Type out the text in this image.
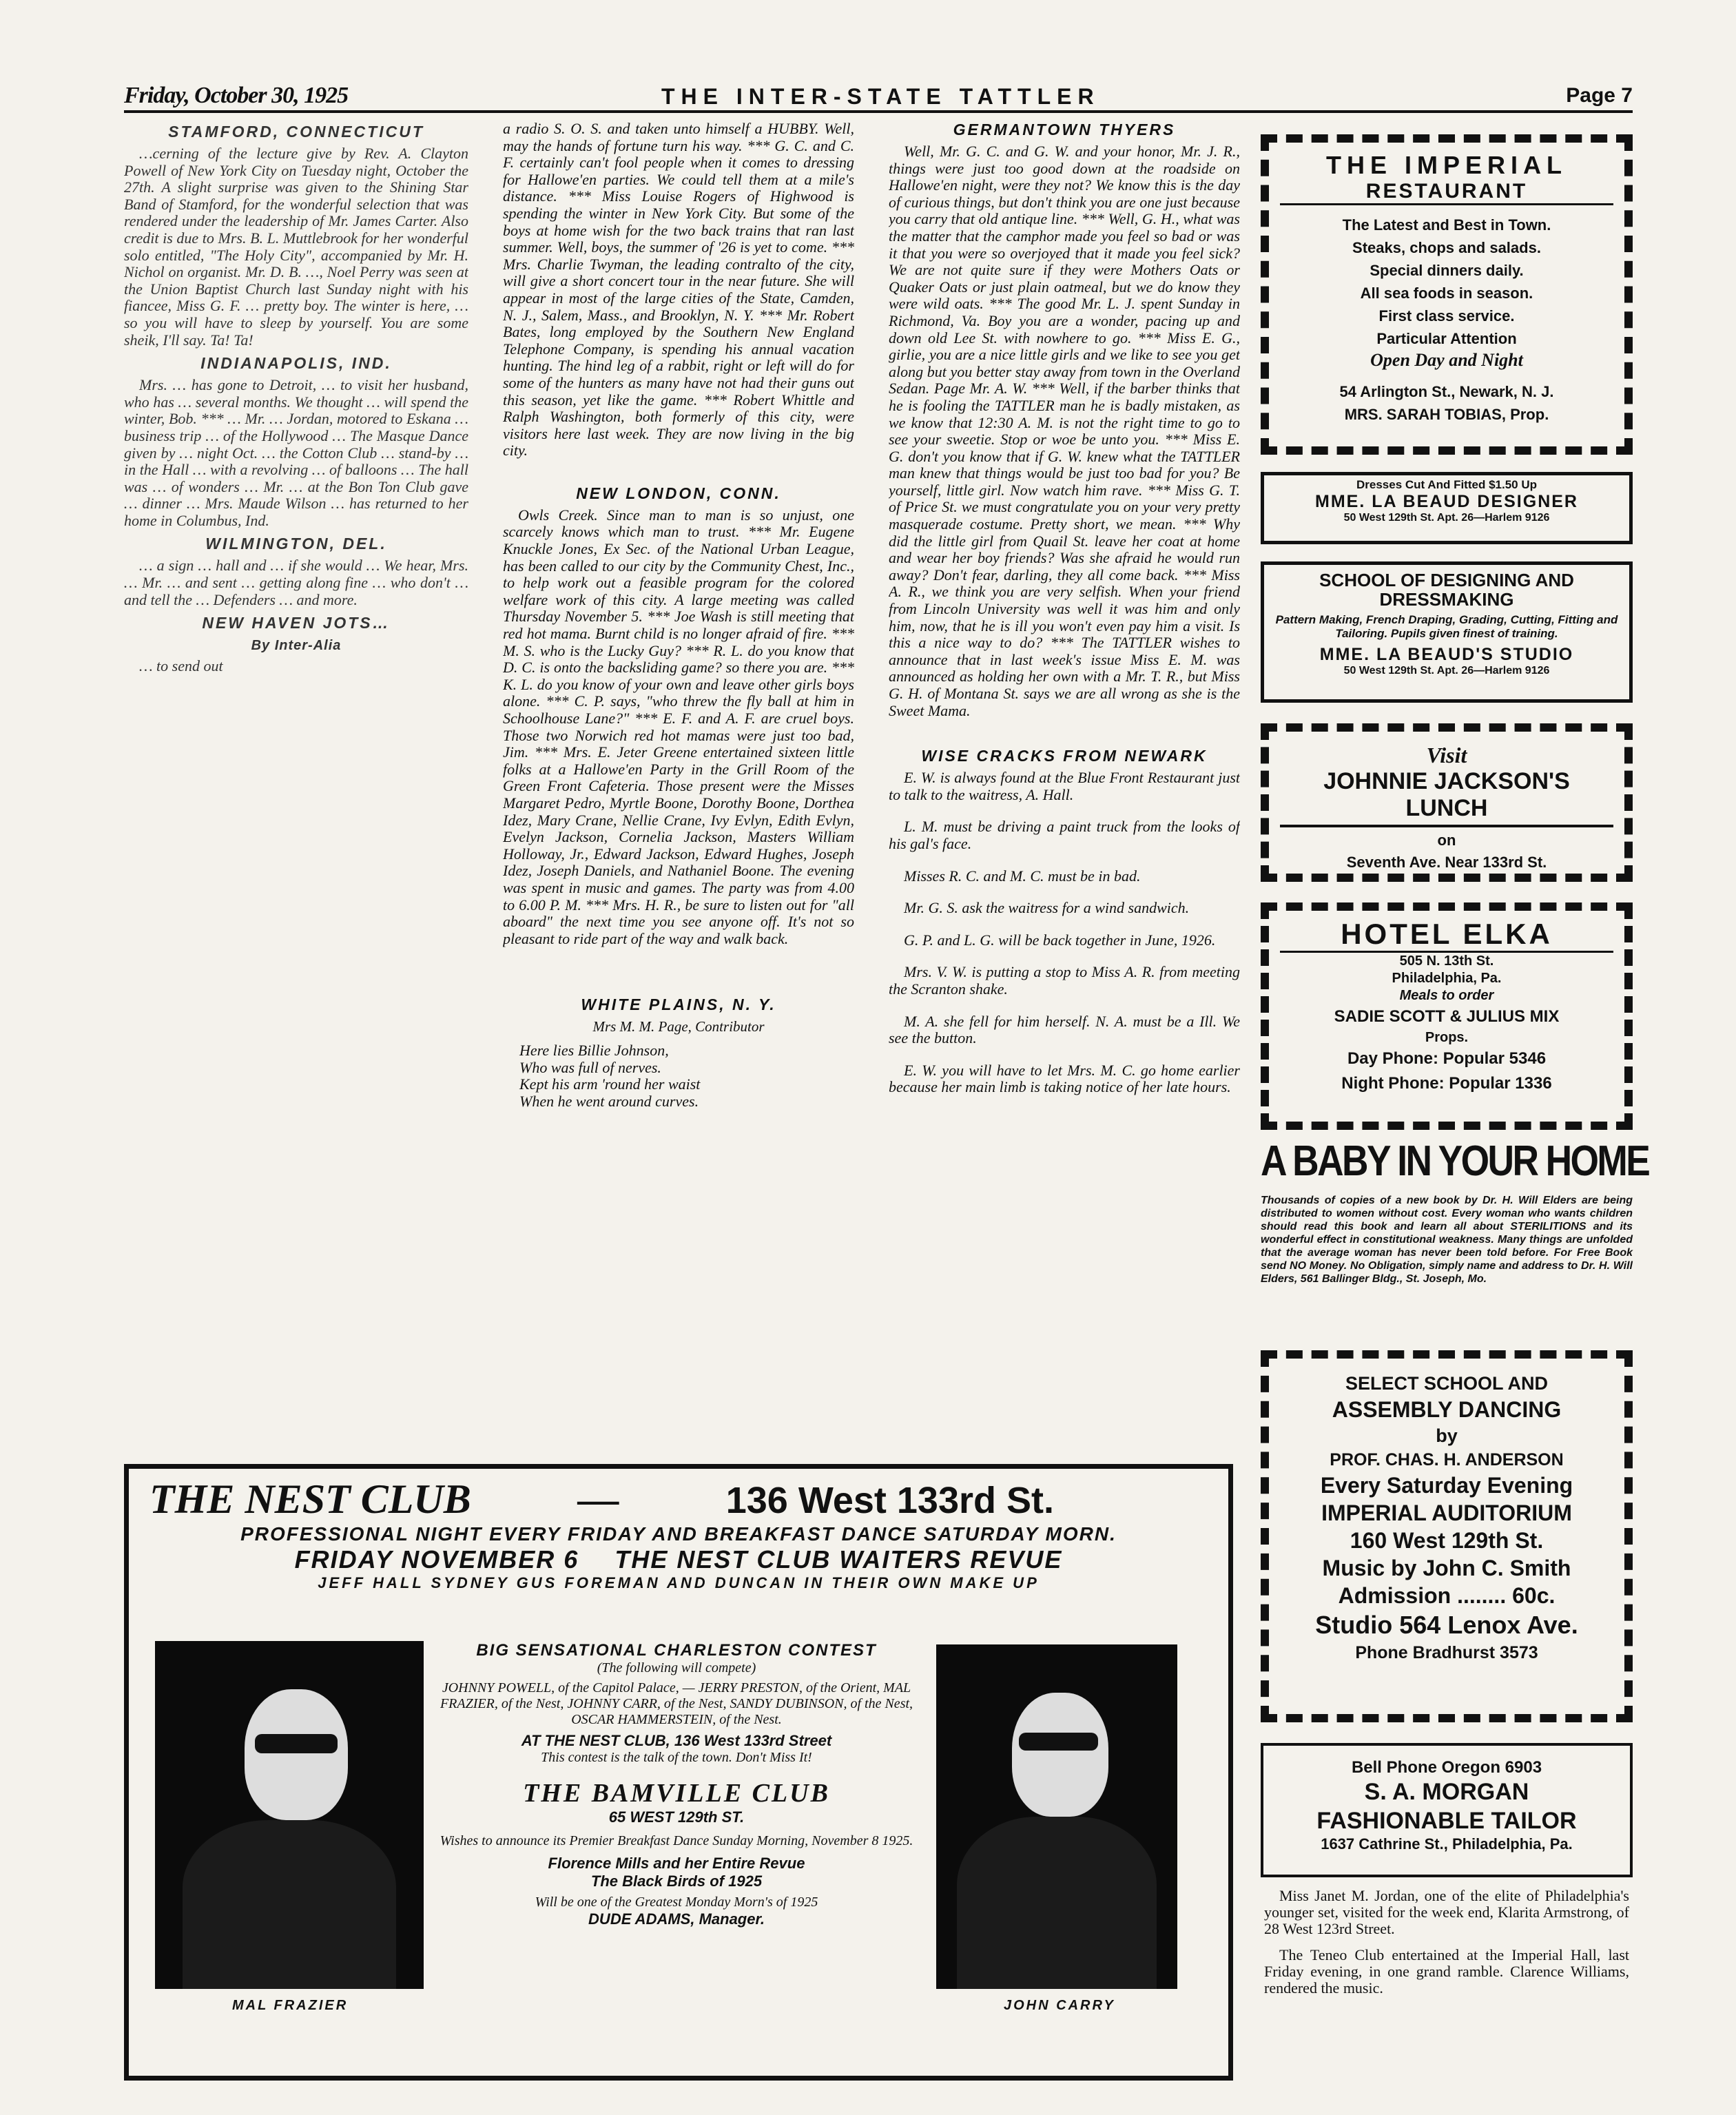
Friday, October 30, 1925	THE INTER-STATE TATTLER	Page 7
STAMFORD, CONNECTICUT

…cerning of the lecture give by Rev. A. Clayton Powell of New York City on Tuesday night, October the 27th. A slight surprise was given to the Shining Star Band of Stamford, for the wonderful selection that was rendered under the leadership of Mr. James Carter. Also credit is due to Mrs. B. L. Muttlebrook for her wonderful solo entitled, "The Holy City", accompanied by Mr. H. Nichol on organist. Mr. D. B. …, Noel Perry was seen at the Union Baptist Church last Sunday night with his fiancee, Miss G. F. … pretty boy. The winter is here, …so you will have to sleep by yourself. You are some sheik, I'll say. Ta! Ta!

INDIANAPOLIS, IND.

Mrs. … has gone to Detroit, … to visit her husband, who has … several months. We thought … will spend the winter, Bob. *** … Mr. … Jordan, motored to Eskana … business trip … of the Hollywood … The Masque Dance given by … night Oct. … the Cotton Club … stand-by … in the Hall … with a revolving … of balloons … The hall was … of wonders … Mr. … at the Bon Ton Club gave … dinner … Mrs. Maude Wilson … has returned to her home in Columbus, Ind.

WILMINGTON, DEL.

… a sign … hall and … if she would … We hear, Mrs. … Mr. … and sent … getting along fine … who don't … and tell the … Defenders … and more.

NEW HAVEN JOTS…
By Inter-Alia

… to send out

a radio S. O. S. and taken unto himself a HUBBY. Well, may the hands of fortune turn his way. *** G. C. and C. F. certainly can't fool people when it comes to dressing for Hallowe'en parties. We could tell them at a mile's distance. *** Miss Louise Rogers of Highwood is spending the winter in New York City. But some of the boys at home wish for the two back trains that ran last summer. Well, boys, the summer of '26 is yet to come. *** Mrs. Charlie Twyman, the leading contralto of the city, will give a short concert tour in the near future. She will appear in most of the large cities of the State, Camden, N. J., Salem, Mass., and Brooklyn, N. Y. *** Mr. Robert Bates, long employed by the Southern New England Telephone Company, is spending his annual vacation hunting. The hind leg of a rabbit, right or left will do for some of the hunters as many have not had their guns out this season, yet like the game. *** Robert Whittle and Ralph Washington, both formerly of this city, were visitors here last week. They are now living in the big city.

NEW LONDON, CONN.

Owls Creek. Since man to man is so unjust, one scarcely knows which man to trust. *** Mr. Eugene Knuckle Jones, Ex Sec. of the National Urban League, has been called to our city by the Community Chest, Inc., to help work out a feasible program for the colored welfare work of this city. A large meeting was called Thursday November 5. *** Joe Wash is still meeting that red hot mama. Burnt child is no longer afraid of fire. *** M. S. who is the Lucky Guy? *** R. L. do you know that D. C. is onto the backsliding game? so there you are. *** K. L. do you know of your own and leave other girls boys alone. *** C. P. says, "who threw the fly ball at him in Schoolhouse Lane?" *** E. F. and A. F. are cruel boys. Those two Norwich red hot mamas were just too bad, Jim. *** Mrs. E. Jeter Greene entertained sixteen little folks at a Hallowe'en Party in the Grill Room of the Green Front Cafeteria. Those present were the Misses Margaret Pedro, Myrtle Boone, Dorothy Boone, Dorthea Idez, Mary Crane, Nellie Crane, Ivy Evlyn, Edith Evlyn, Evelyn Jackson, Cornelia Jackson, Masters William Holloway, Jr., Edward Jackson, Edward Hughes, Joseph Idez, Joseph Daniels, and Nathaniel Boone. The evening was spent in music and games. The party was from 4.00 to 6.00 P. M. *** Mrs. H. R., be sure to listen out for "all aboard" the next time you see anyone off. It's not so pleasant to ride part of the way and walk back.

WHITE PLAINS, N. Y.
Mrs M. M. Page, Contributor
Here lies Billie Johnson,
Who was full of nerves.
Kept his arm 'round her waist
When he went around curves.
GERMANTOWN THYERS

Well, Mr. G. C. and G. W. and your honor, Mr. J. R., things were just too good down at the roadside on Hallowe'en night, were they not? We know this is the day of curious things, but don't think you are one just because you carry that old antique line. *** Well, G. H., what was the matter that the camphor made you feel so bad or was it that you were so overjoyed that it made you feel sick? We are not quite sure if they were Mothers Oats or Quaker Oats or just plain oatmeal, but we do know they were wild oats. *** The good Mr. L. J. spent Sunday in Richmond, Va. Boy you are a wonder, pacing up and down old Lee St. with nowhere to go. *** Miss E. G., girlie, you are a nice little girls and we like to see you get along but you better stay away from town in the Overland Sedan. Page Mr. A. W. *** Well, if the barber thinks that he is fooling the TATTLER man he is badly mistaken, as we know that 12:30 A. M. is not the right time to go to see your sweetie. Stop or woe be unto you. *** Miss E. G. don't you know that if G. W. knew what the TATTLER man knew that things would be just too bad for you? Be yourself, little girl. Now watch him rave. *** Miss G. T. of Price St. we must congratulate you on your very pretty masquerade costume. Pretty short, we mean. *** Why did the little girl from Quail St. leave her coat at home and wear her boy friends? Was she afraid he would run away? Don't fear, darling, they all come back. *** Miss A. R., we think you are very selfish. When your friend from Lincoln University was well it was him and only him, now, that he is ill you won't even pay him a visit. Is this a nice way to do? *** The TATTLER wishes to announce that in last week's issue Miss E. M. was announced as holding her own with a Mr. T. R., but Miss G. H. of Montana St. says we are all wrong as she is the Sweet Mama.

WISE CRACKS FROM NEWARK

E. W. is always found at the Blue Front Restaurant just to talk to the waitress, A. Hall.

L. M. must be driving a paint truck from the looks of his gal's face.

Misses R. C. and M. C. must be in bad.

Mr. G. S. ask the waitress for a wind sandwich.

G. P. and L. G. will be back together in June, 1926.

Mrs. V. W. is putting a stop to Miss A. R. from meeting the Scranton shake.

M. A. she fell for him herself. N. A. must be a Ill. We see the button.

E. W. you will have to let Mrs. M. C. go home earlier because her main limb is taking notice of her late hours.

THE IMPERIAL
RESTAURANT
The Latest and Best in Town.
Steaks, chops and salads.
Special dinners daily.
All sea foods in season.
First class service.
Particular Attention
Open Day and Night
54 Arlington St., Newark, N. J.
MRS. SARAH TOBIAS, Prop.
Dresses Cut And Fitted $1.50 Up
MME. LA BEAUD DESIGNER
50 West 129th St. Apt. 26—Harlem 9126
SCHOOL OF DESIGNING AND DRESSMAKING
Pattern Making, French Draping, Grading, Cutting, Fitting and Tailoring. Pupils given finest of training.
MME. LA BEAUD'S STUDIO
50 West 129th St. Apt. 26—Harlem 9126
Visit
JOHNNIE JACKSON'S LUNCH
on
Seventh Ave. Near 133rd St.
HOTEL ELKA
505 N. 13th St.
Philadelphia, Pa.
Meals to order
SADIE SCOTT & JULIUS MIX
Props.
Day Phone: Popular 5346
Night Phone: Popular 1336
A BABY IN YOUR HOME
Thousands of copies of a new book by Dr. H. Will Elders are being distributed to women without cost. Every woman who wants children should read this book and learn all about STERILITIONS and its wonderful effect in constitutional weakness. Many things are unfolded that the average woman has never been told before. For Free Book send NO Money. No Obligation, simply name and address to Dr. H. Will Elders, 561 Ballinger Bldg., St. Joseph, Mo.
SELECT SCHOOL AND
ASSEMBLY DANCING
by
PROF. CHAS. H. ANDERSON
Every Saturday Evening
IMPERIAL AUDITORIUM
160 West 129th St.
Music by John C. Smith
Admission ........ 60c.
Studio 564 Lenox Ave.
Phone Bradhurst 3573
Bell Phone Oregon 6903
S. A. MORGAN
FASHIONABLE TAILOR
1637 Cathrine St., Philadelphia, Pa.

Miss Janet M. Jordan, one of the elite of Philadelphia's younger set, visited for the week end, Klarita Armstrong, of 28 West 123rd Street.

The Teneo Club entertained at the Imperial Hall, last Friday evening, in one grand ramble. Clarence Williams, rendered the music.

THE NEST CLUB	—	136 West 133rd St.
PROFESSIONAL NIGHT EVERY FRIDAY AND BREAKFAST DANCE SATURDAY MORN.
FRIDAY NOVEMBER 6 THE NEST CLUB WAITERS REVUE
JEFF HALL SYDNEY GUS FOREMAN AND DUNCAN IN THEIR OWN MAKE UP
MAL FRAZIER	JOHN CARRY
BIG SENSATIONAL CHARLESTON CONTEST
(The following will compete)
JOHNNY POWELL, of the Capitol Palace, — JERRY PRESTON, of the Orient, MAL FRAZIER, of the Nest, JOHNNY CARR, of the Nest, SANDY DUBINSON, of the Nest, OSCAR HAMMERSTEIN, of the Nest.
AT THE NEST CLUB, 136 West 133rd Street
This contest is the talk of the town. Don't Miss It!
THE BAMVILLE CLUB
65 WEST 129th ST.
Wishes to announce its Premier Breakfast Dance Sunday Morning, November 8 1925.
Florence Mills and her Entire Revue
The Black Birds of 1925
Will be one of the Greatest Monday Morn's of 1925
DUDE ADAMS, Manager.
